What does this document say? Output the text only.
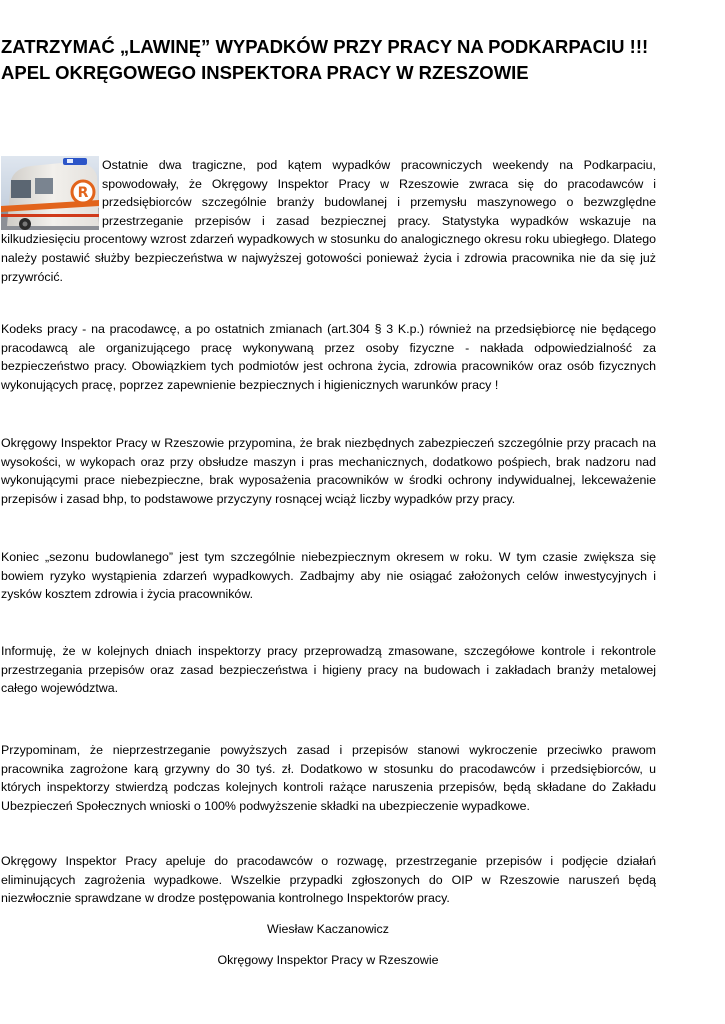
ZATRZYMAĆ „LAWINĘ” WYPADKÓW PRZY PRACY NA PODKARPACIU !!! APEL OKRĘGOWEGO INSPEKTORA PRACY W RZESZOWIE

R
Ostatnie dwa tragiczne, pod kątem wypadków pracowniczych weekendy na Podkarpaciu, spowodowały, że Okręgowy Inspektor Pracy w Rzeszowie zwraca się do pracodawców i przedsiębiorców szczególnie branży budowlanej i przemysłu maszynowego o bezwzględne przestrzeganie przepisów i zasad bezpiecznej pracy. Statystyka wypadków wskazuje na kilkudziesięciu procentowy wzrost zdarzeń wypadkowych w stosunku do analogicznego okresu roku ubiegłego. Dlatego należy postawić służby bezpieczeństwa w najwyższej gotowości ponieważ życia i zdrowia pracownika nie da się już przywrócić.

Kodeks pracy - na pracodawcę, a po ostatnich zmianach (art.304 § 3 K.p.) również na przedsiębiorcę nie będącego pracodawcą ale organizującego pracę wykonywaną przez osoby fizyczne - nakłada odpowiedzialność za bezpieczeństwo pracy. Obowiązkiem tych podmiotów jest ochrona życia, zdrowia pracowników oraz osób fizycznych wykonujących pracę, poprzez zapewnienie bezpiecznych i higienicznych warunków pracy !

Okręgowy Inspektor Pracy w Rzeszowie przypomina, że brak niezbędnych zabezpieczeń szczególnie przy pracach na wysokości, w wykopach oraz przy obsłudze maszyn i pras mechanicznych, dodatkowo pośpiech, brak nadzoru nad wykonującymi prace niebezpieczne, brak wyposażenia pracowników w środki ochrony indywidualnej, lekceważenie przepisów i zasad bhp, to podstawowe przyczyny rosnącej wciąż liczby wypadków przy pracy.

Koniec „sezonu budowlanego” jest tym szczególnie niebezpiecznym okresem w roku. W tym czasie zwiększa się bowiem ryzyko wystąpienia zdarzeń wypadkowych. Zadbajmy aby nie osiągać założonych celów inwestycyjnych i zysków kosztem zdrowia i życia pracowników.

Informuję, że w kolejnych dniach inspektorzy pracy przeprowadzą zmasowane, szczegółowe kontrole i rekontrole przestrzegania przepisów oraz zasad bezpieczeństwa i higieny pracy na budowach i zakładach branży metalowej całego województwa.

Przypominam, że nieprzestrzeganie powyższych zasad i przepisów stanowi wykroczenie przeciwko prawom pracownika zagrożone karą grzywny do 30 tyś. zł. Dodatkowo w stosunku do pracodawców i przedsiębiorców, u których inspektorzy stwierdzą podczas kolejnych kontroli rażące naruszenia przepisów, będą składane do Zakładu Ubezpieczeń Społecznych wnioski o 100% podwyższenie składki na ubezpieczenie wypadkowe.

Okręgowy Inspektor Pracy apeluje do pracodawców o rozwagę, przestrzeganie przepisów i podjęcie działań eliminujących zagrożenia wypadkowe. Wszelkie przypadki zgłoszonych do OIP w Rzeszowie naruszeń będą niezwłocznie sprawdzane w drodze postępowania kontrolnego Inspektorów pracy.

Wiesław Kaczanowicz

Okręgowy Inspektor Pracy w Rzeszowie
